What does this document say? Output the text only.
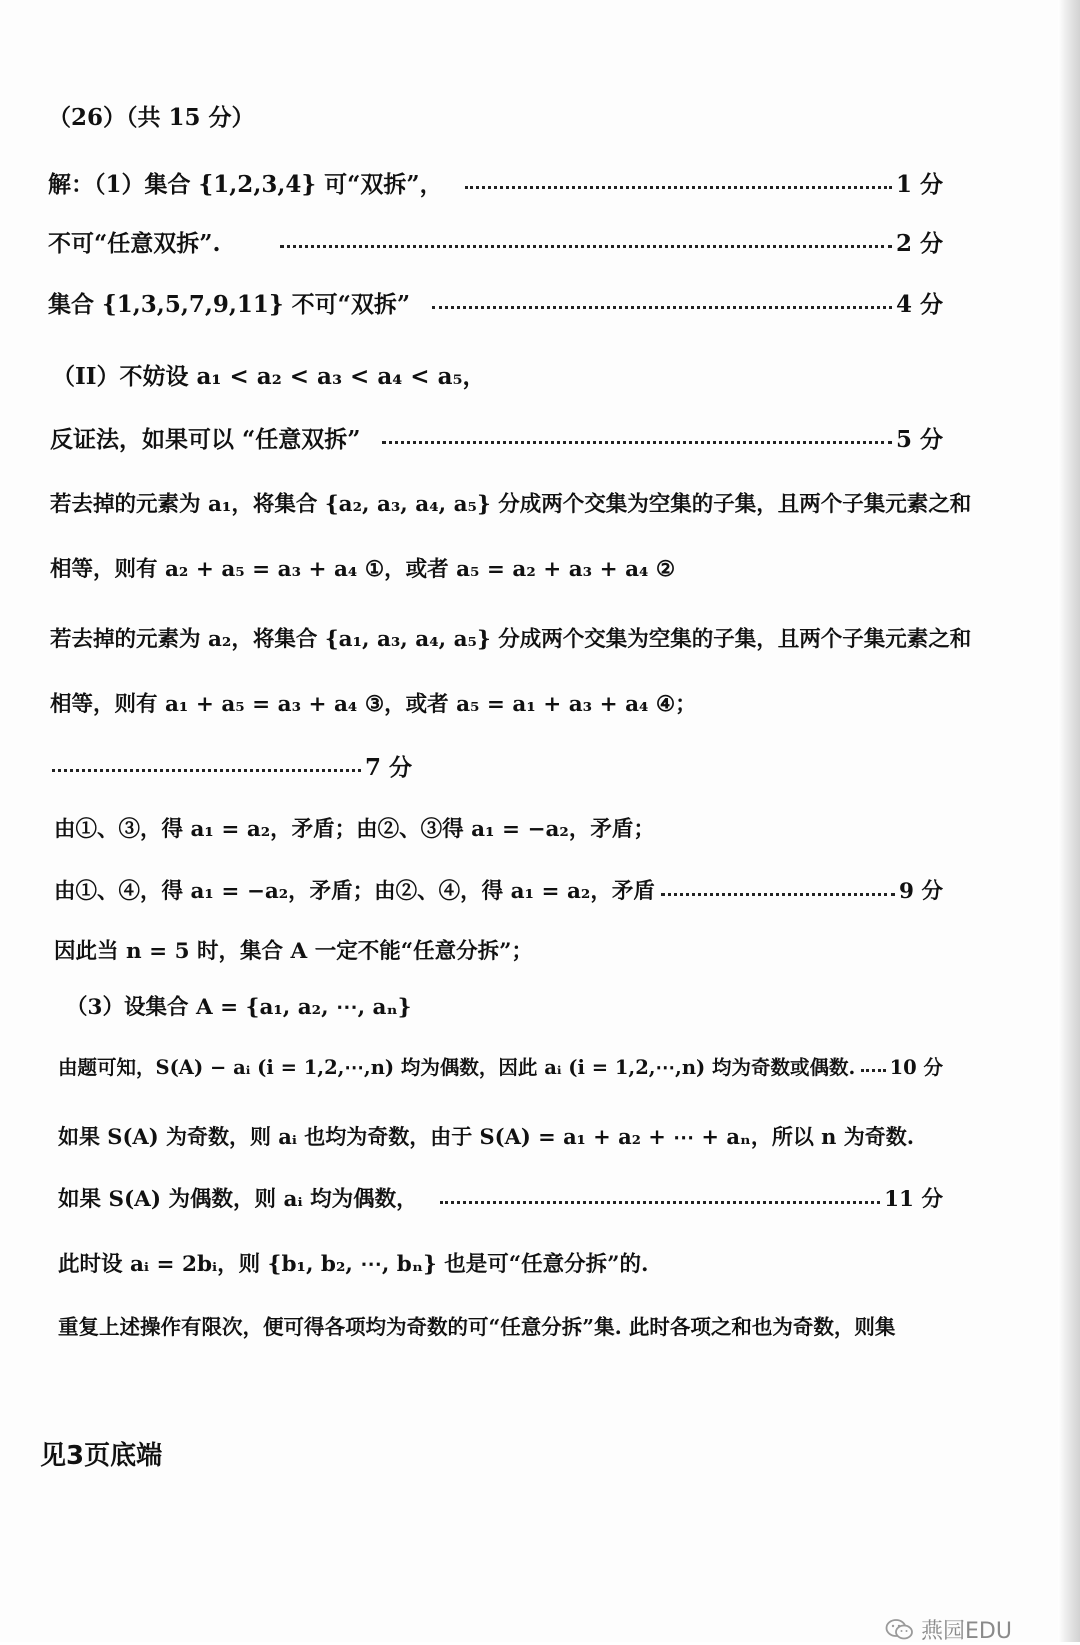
（26）（共 15 分）
解：（1）集合 {1,2,3,4} 可“双拆”，	1 分
不可“任意双拆”.	2 分
集合 {1,3,5,7,9,11} 不可“双拆”	4 分
（II）不妨设 a₁ < a₂ < a₃ < a₄ < a₅，
反证法，如果可以 “任意双拆”	5 分
若去掉的元素为 a₁，将集合 {a₂, a₃, a₄, a₅} 分成两个交集为空集的子集，且两个子集元素之和
相等，则有 a₂ + a₅ = a₃ + a₄ ①，或者 a₅ = a₂ + a₃ + a₄ ②
若去掉的元素为 a₂，将集合 {a₁, a₃, a₄, a₅} 分成两个交集为空集的子集，且两个子集元素之和
相等，则有 a₁ + a₅ = a₃ + a₄ ③，或者 a₅ = a₁ + a₃ + a₄ ④；
7 分
由①、③，得 a₁ = a₂，矛盾；由②、③得 a₁ = −a₂，矛盾；
由①、④，得 a₁ = −a₂，矛盾；由②、④，得 a₁ = a₂，矛盾	9 分
因此当 n = 5 时，集合 A 一定不能“任意分拆”；
（3）设集合 A = {a₁, a₂, ⋯, aₙ}
由题可知，S(A) − aᵢ (i = 1,2,⋯,n) 均为偶数，因此 aᵢ (i = 1,2,⋯,n) 均为奇数或偶数. 10 分
如果 S(A) 为奇数，则 aᵢ 也均为奇数，由于 S(A) = a₁ + a₂ + ⋯ + aₙ，所以 n 为奇数.
如果 S(A) 为偶数，则 aᵢ 均为偶数，	11 分
此时设 aᵢ = 2bᵢ，则 {b₁, b₂, ⋯, bₙ} 也是可“任意分拆”的.
重复上述操作有限次，便可得各项均为奇数的可“任意分拆”集. 此时各项之和也为奇数，则集
见3页底端
燕园EDU
